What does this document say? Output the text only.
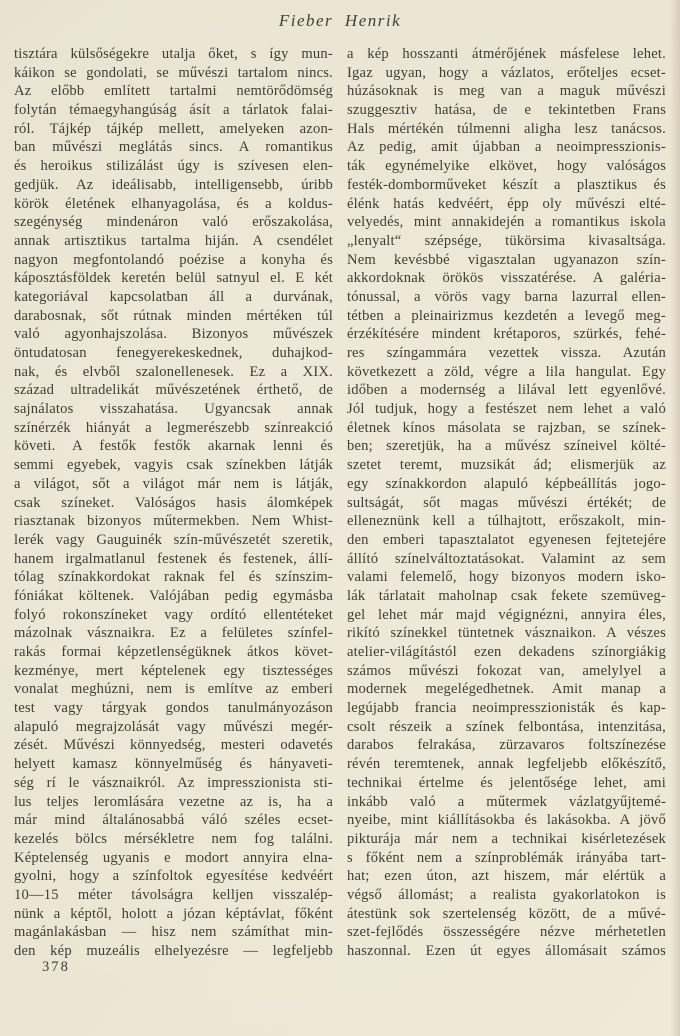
Fieber Henrik
tisztára külsőségekre utalja őket, s így mun-
káikon se gondolati, se művészi tartalom nincs.
Az előbb említett tartalmi nemtörődömség
folytán témaegyhangúság ásít a tárlatok falai-
ról. Tájkép tájkép mellett, amelyeken azon-
ban művészi meglátás sincs. A romantikus
és heroikus stilizálást úgy is szívesen elen-
gedjük. Az ideálisabb, intelligensebb, úribb
körök életének elhanyagolása, és a koldus-
szegénység mindenáron való erőszakolása,
annak artisztikus tartalma hiján. A csendélet
nagyon megfontolandó poézise a konyha és
káposztásföldek keretén belül satnyul el. E két
kategoriával kapcsolatban áll a durvának,
darabosnak, sőt rútnak minden mértéken túl
való agyonhajszolása. Bizonyos művészek
öntudatosan fenegyerekeskednek, duhajkod-
nak, és elvből szalonellenesek. Ez a XIX.
század ultradelikát művészetének érthető, de
sajnálatos visszahatása. Ugyancsak annak
színérzék hiányát a legmerészebb színreakció
követi. A festők festők akarnak lenni és
semmi egyebek, vagyis csak színekben látják
a világot, sőt a világot már nem is látják,
csak színeket. Valóságos hasis álomképek
riasztanak bizonyos műtermekben. Nem Whist-
lerék vagy Gauguinék szín-művészetét szeretik,
hanem irgalmatlanul festenek és festenek, állí-
tólag színakkordokat raknak fel és színszim-
fóniákat költenek. Valójában pedig egymásba
folyó rokonszíneket vagy ordító ellentéteket
mázolnak vásznaikra. Ez a felületes színfel-
rakás formai képzetlenségüknek átkos követ-
kezménye, mert képtelenek egy tisztességes
vonalat meghúzni, nem is említve az emberi
test vagy tárgyak gondos tanulmányozáson
alapuló megrajzolását vagy művészi megér-
zését. Művészi könnyedség, mesteri odavetés
helyett kamasz könnyelműség és hányaveti-
ség rí le vásznaikról. Az impresszionista sti-
lus teljes leromlására vezetne az is, ha a
már mind általánosabbá váló széles ecset-
kezelés bölcs mérsékletre nem fog találni.
Képtelenség ugyanis e modort annyira elna-
gyolni, hogy a színfoltok egyesítése kedvéért
10—15 méter távolságra kelljen visszalép-
nünk a képtől, holott a józan képtávlat, főként
magánlakásban — hisz nem számíthat min-
den kép muzeális elhelyezésre — legfeljebb
a kép hosszanti átmérőjének másfelese lehet.
Igaz ugyan, hogy a vázlatos, erőteljes ecset-
húzásoknak is meg van a maguk művészi
szuggesztiv hatása, de e tekintetben Frans
Hals mértékén túlmenni aligha lesz tanácsos.
Az pedig, amit újabban a neoimpresszionis-
ták egynémelyike elkövet, hogy valóságos
festék-domborműveket készít a plasztikus és
élénk hatás kedvéért, épp oly művészi elté-
velyedés, mint annakidején a romantikus iskola
„lenyalt“ szépsége, tükörsima kivasaltsága.
Nem kevésbbé vigasztalan ugyanazon szín-
akkordoknak örökös visszatérése. A galéria-
tónussal, a vörös vagy barna lazurral ellen-
tétben a pleinairizmus kezdetén a levegő meg-
érzékítésére mindent krétaporos, szürkés, fehé-
res színgammára vezettek vissza. Azután
következett a zöld, végre a lila hangulat. Egy
időben a modernség a lilával lett egyenlővé.
Jól tudjuk, hogy a festészet nem lehet a való
életnek kínos másolata se rajzban, se színek-
ben; szeretjük, ha a művész színeivel költé-
szetet teremt, muzsikát ád; elismerjük az
egy színakkordon alapuló képbeállítás jogo-
sultságát, sőt magas művészi értékét; de
elleneznünk kell a túlhajtott, erőszakolt, min-
den emberi tapasztalatot egyenesen fejtetejére
állító színelváltoztatásokat. Valamint az sem
valami felemelő, hogy bizonyos modern isko-
lák tárlatait maholnap csak fekete szemüveg-
gel lehet már majd végignézni, annyira éles,
rikító színekkel tüntetnek vásznaikon. A vészes
atelier-világítástól ezen dekadens színorgiákig
számos művészi fokozat van, amelylyel a
modernek megelégedhetnek. Amit manap a
legújabb francia neoimpresszionisták és kap-
csolt részeik a színek felbontása, intenzitása,
darabos felrakása, zürzavaros foltszínezése
révén teremtenek, annak legfeljebb előkészítő,
technikai értelme és jelentősége lehet, ami
inkább való a műtermek vázlatgyűjtemé-
nyeibe, mint kiállításokba és lakásokba. A jövő
pikturája már nem a technikai kisérletezések
s főként nem a színproblémák irányába tart-
hat; ezen úton, azt hiszem, már elértük a
végső állomást; a realista gyakorlatokon is
átestünk sok szertelenség között, de a művé-
szet-fejlődés összességére nézve mérhetetlen
haszonnal. Ezen út egyes állomásait számos
378
